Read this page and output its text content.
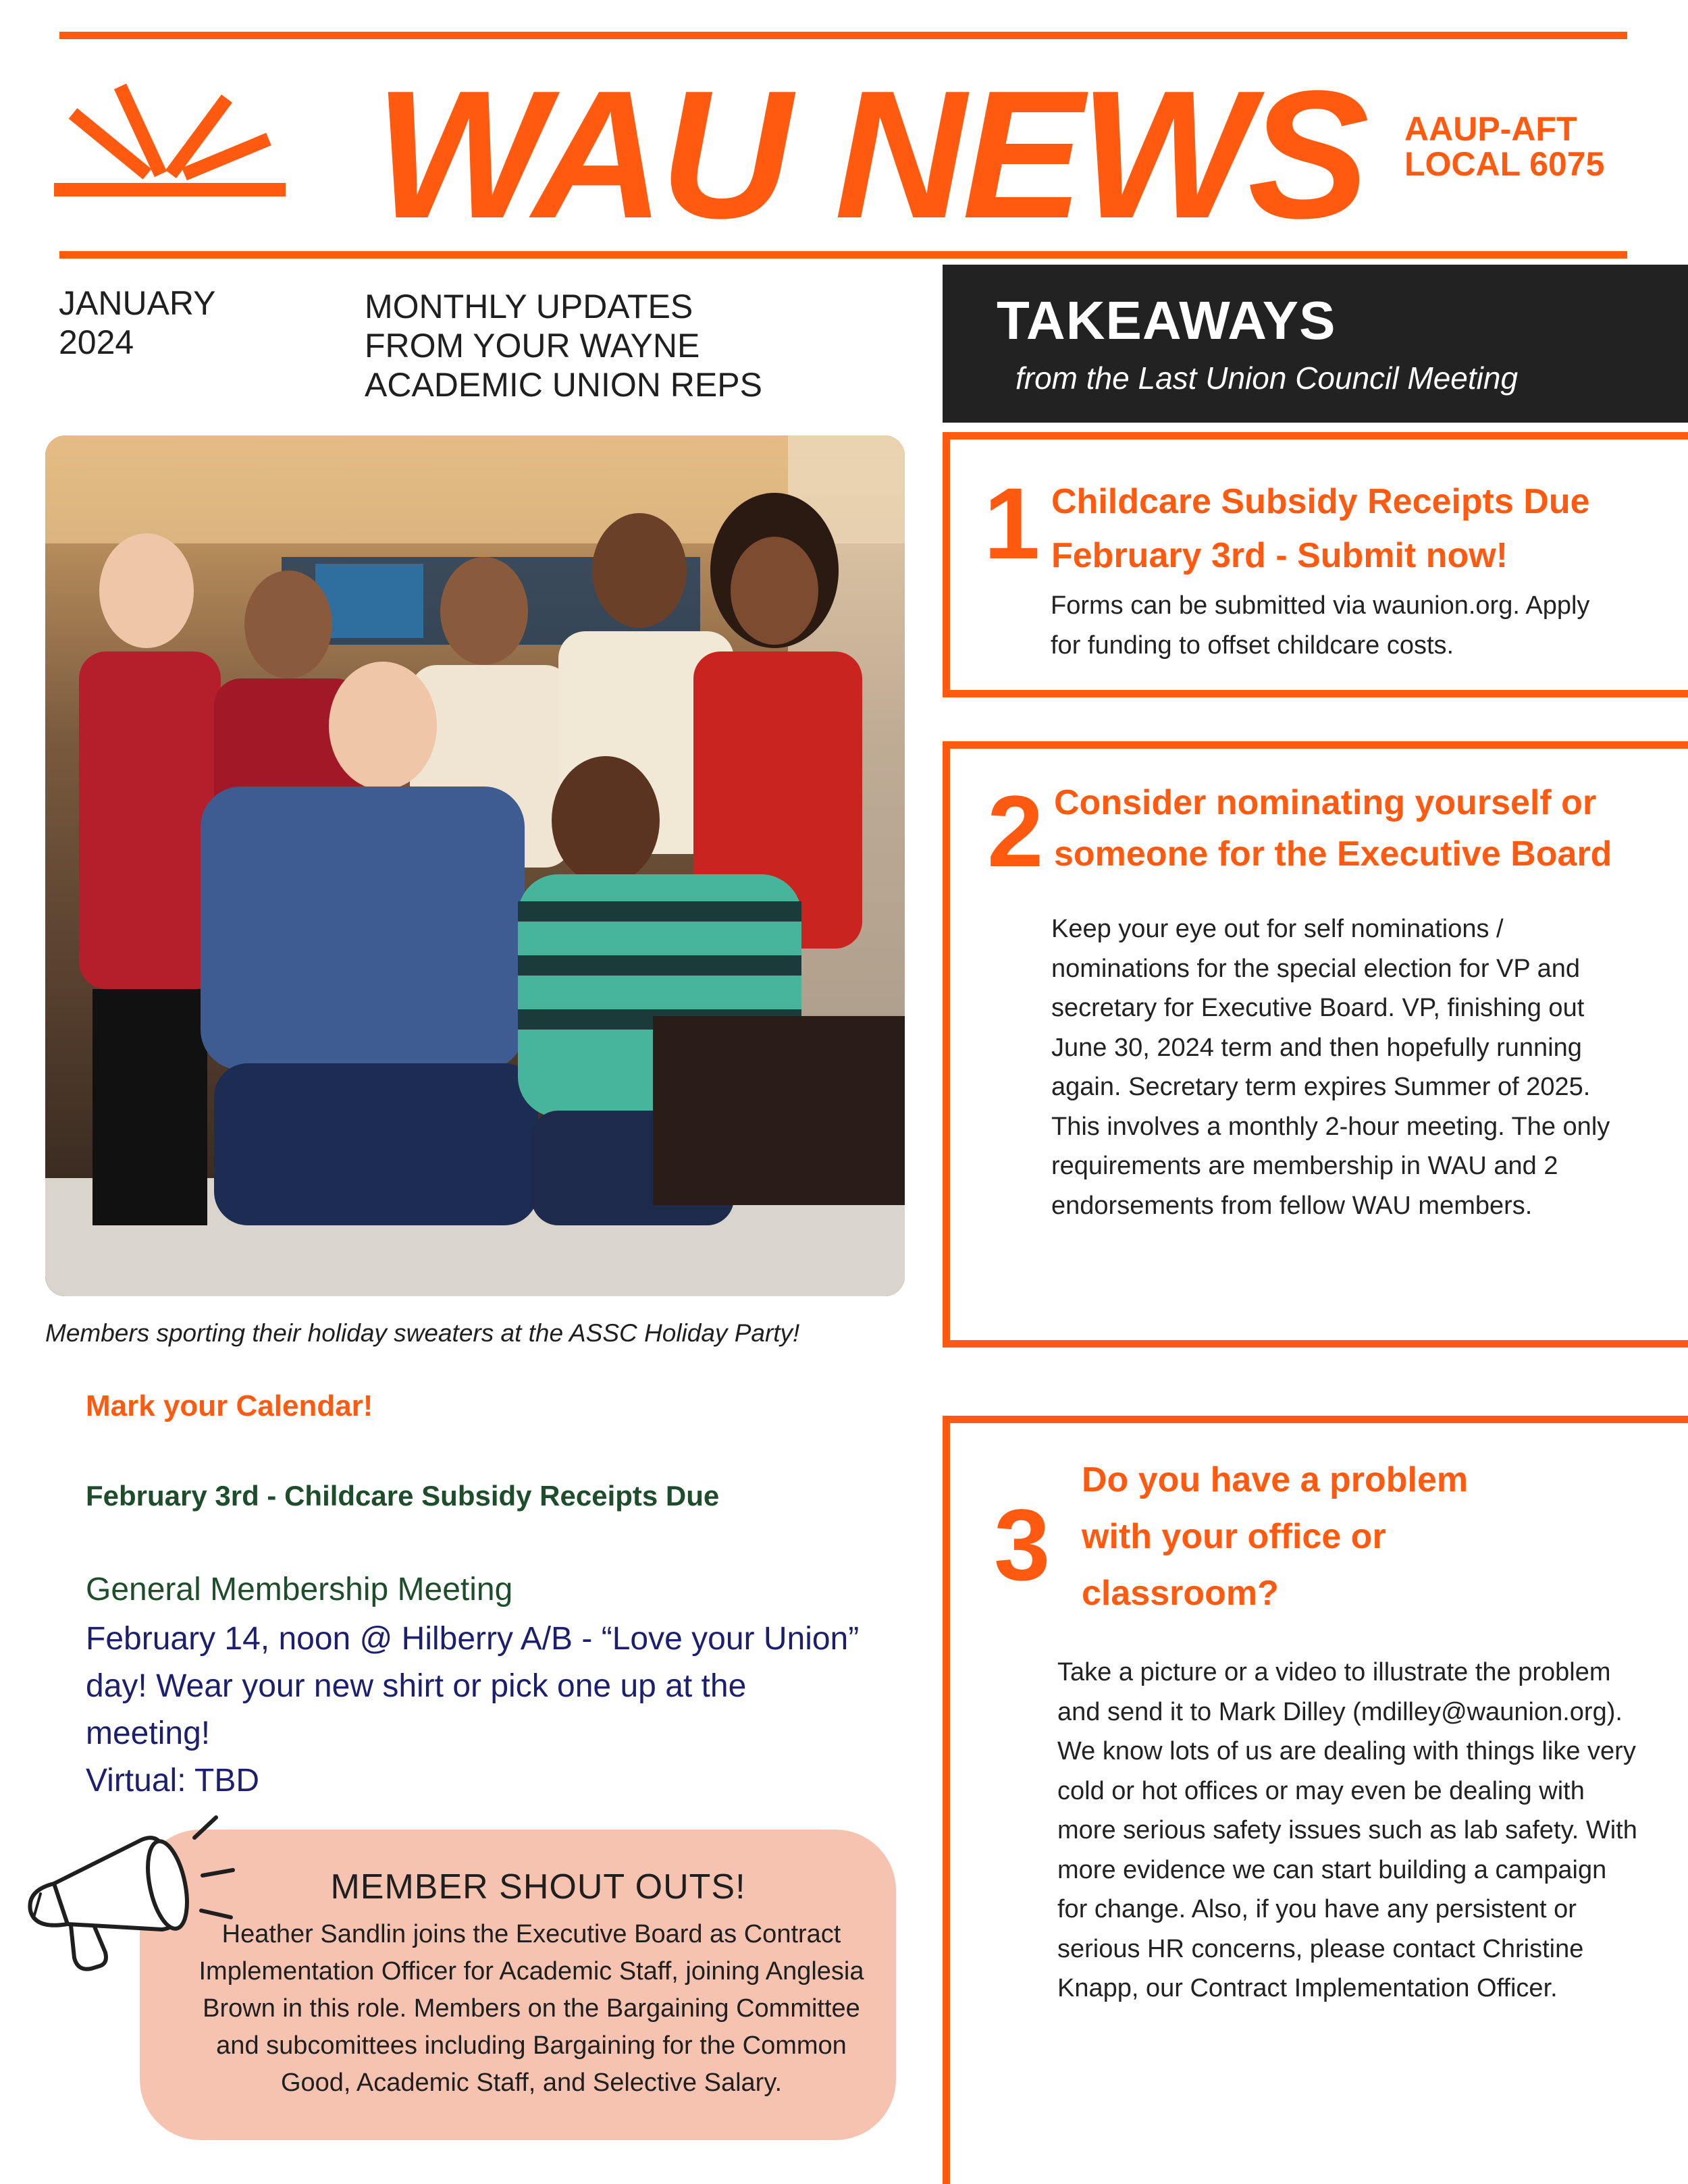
WAU NEWS AAUP-AFT
LOCAL 6075
JANUARY
2024
MONTHLY UPDATES
FROM YOUR WAYNE
ACADEMIC UNION REPS
TAKEAWAYS
from the Last Union Council Meeting
1 Childcare Subsidy Receipts Due
February 3rd - Submit now!
Forms can be submitted via waunion.org. Apply for funding to offset childcare costs.
2 Consider nominating yourself or
someone for the Executive Board
Keep your eye out for self nominations / nominations for the special election for VP and secretary for Executive Board. VP, finishing out June 30, 2024 term and then hopefully running again. Secretary term expires Summer of 2025. This involves a monthly 2-hour meeting. The only requirements are membership in WAU and 2 endorsements from fellow WAU members.
3
Do you have a problem
with your office or
classroom?
Take a picture or a video to illustrate the problem and send it to Mark Dilley (mdilley@waunion.org). We know lots of us are dealing with things like very cold or hot offices or may even be dealing with more serious safety issues such as lab safety. With more evidence we can start building a campaign for change. Also, if you have any persistent or serious HR concerns, please contact Christine Knapp, our Contract Implementation Officer.
Members sporting their holiday sweaters at the ASSC Holiday Party!
Mark your Calendar!
February 3rd - Childcare Subsidy Receipts Due
General Membership Meeting
February 14, noon @ Hilberry A/B - “Love your Union” day! Wear your new shirt or pick one up at the meeting!
Virtual: TBD
MEMBER SHOUT OUTS!
Heather Sandlin joins the Executive Board as Contract Implementation Officer for Academic Staff, joining Anglesia Brown in this role. Members on the Bargaining Committee and subcomittees including Bargaining for the Common Good, Academic Staff, and Selective Salary.
